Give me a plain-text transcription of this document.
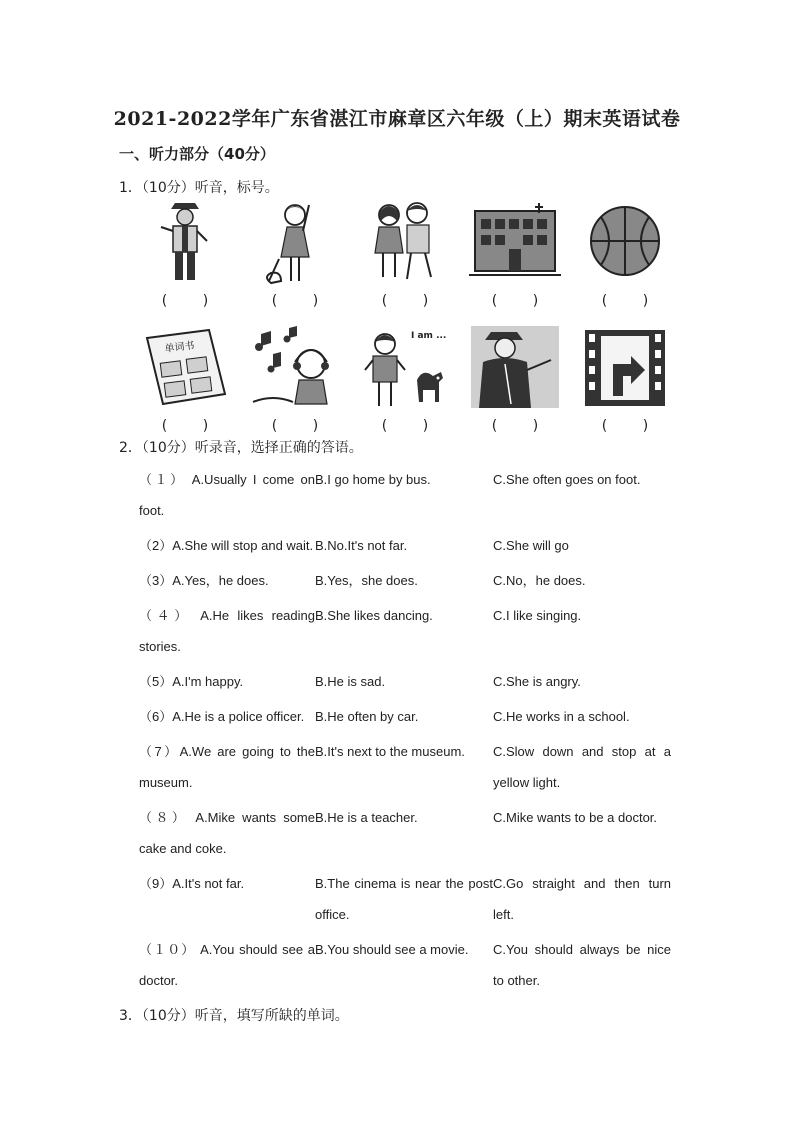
2021-2022学年广东省湛江市麻章区六年级（上）期末英语试卷
一、听力部分（40分）
1．（10分）听音，标号。
(        )	(        )	(        )	(        )	(        )
单词书
(        )	(        )
I am ...
(        )	(        )	(        )
2．（10分）听录音，选择正确的答语。
（１） A.Usually I come on foot.
B.I go home by bus.	C.She often goes on foot.
（2）A.She will stop and wait. B.No.It's not far.	C.She will go
（3）A.Yes，he does.	B.Yes，she does.	C.No，he does.
（４） A.He likes reading stories.
B.She likes dancing.	C.I like singing.
（5）A.I'm happy.	B.He is sad.	C.She is angry.
（6）A.He is a police officer. B.He often by car.	C.He works in a school.
（7）A.We are going to the museum.
B.It's next to the museum.	C.Slow down and stop at a yellow light.
（８） A.Mike wants some cake and coke.
B.He is a teacher.	C.Mike wants to be a doctor.
（9）A.It's not far.	B.The cinema is near the post office.
C.Go straight and then turn left.
（１０） A.You should see a doctor.
B.You should see a movie.	C.You should always be nice to other.
3．（10分）听音，填写所缺的单词。
